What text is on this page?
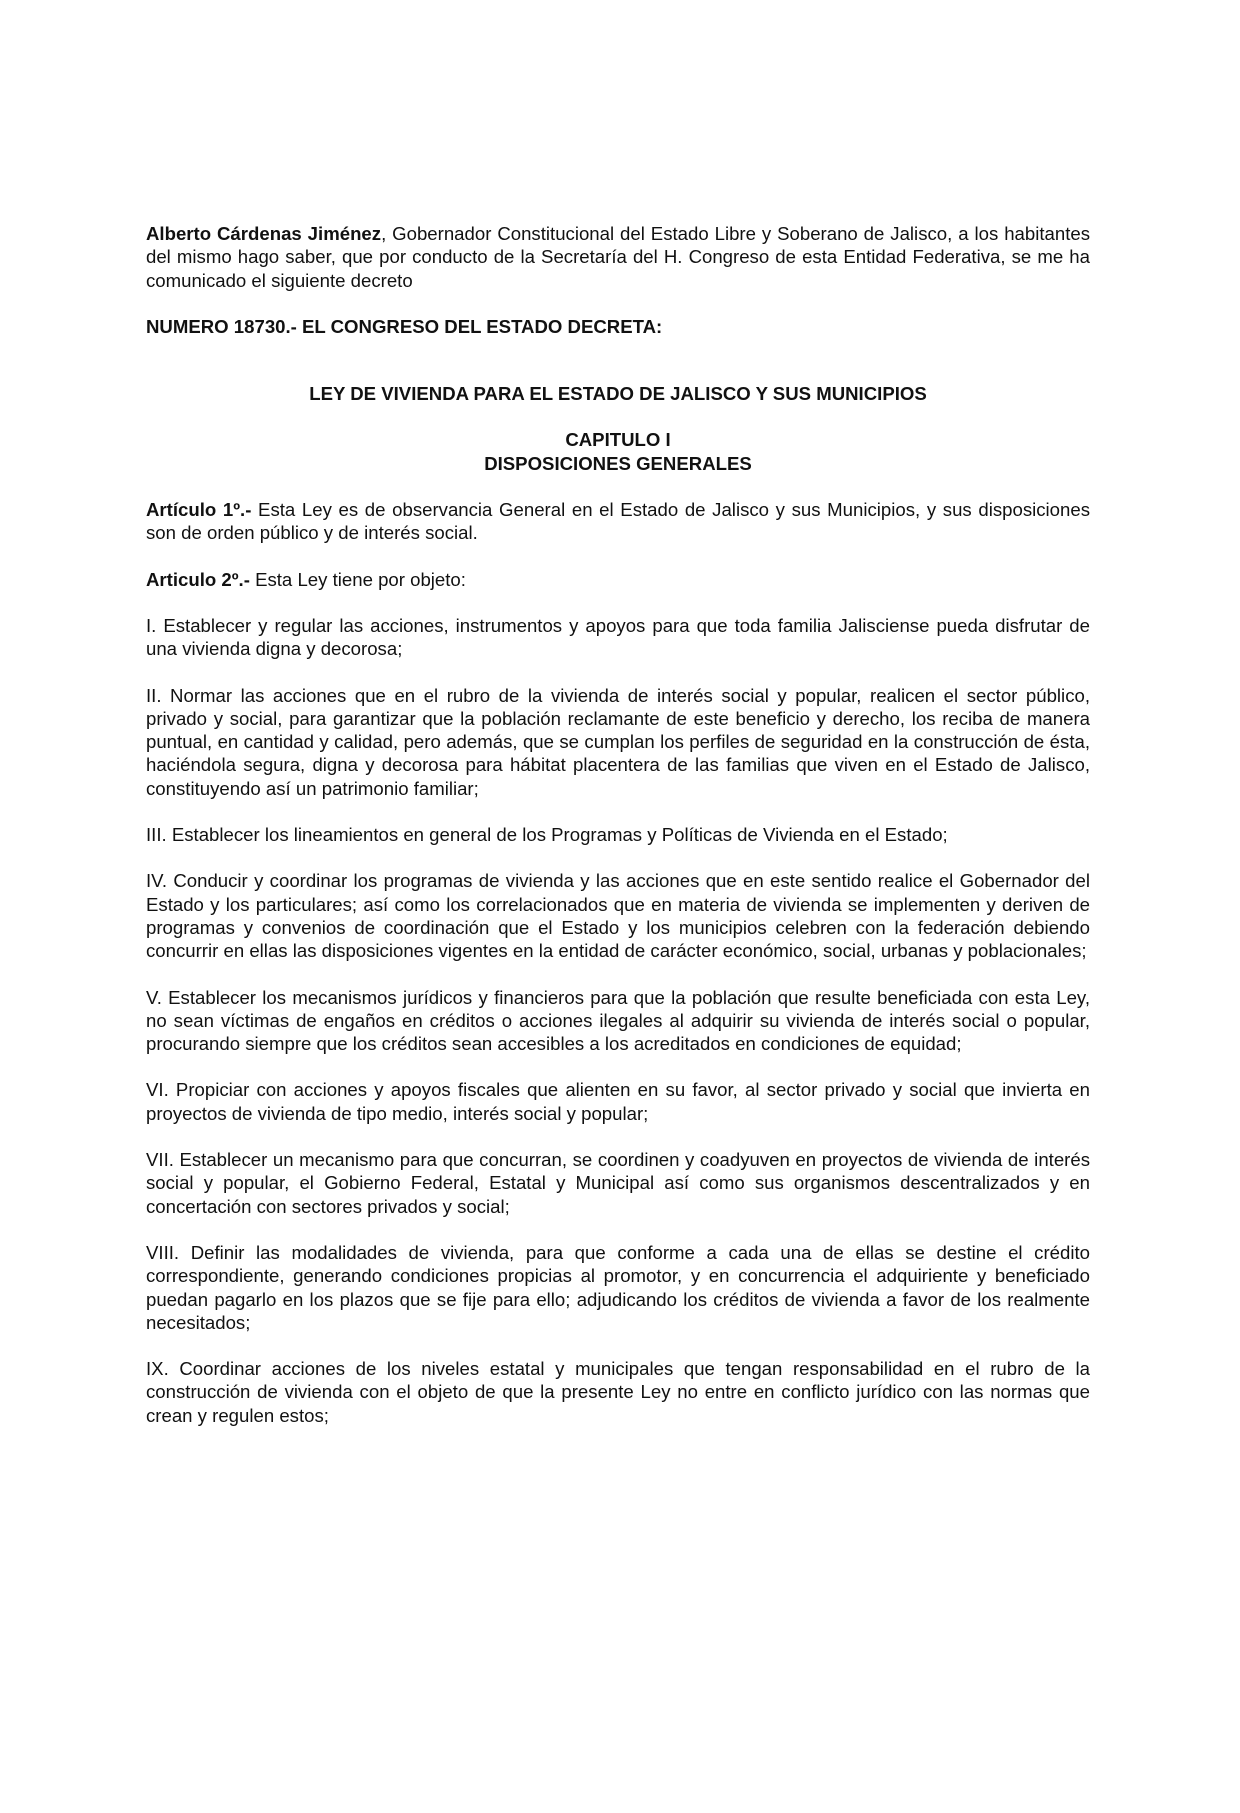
Alberto Cárdenas Jiménez, Gobernador Constitucional del Estado Libre y Soberano de Jalisco, a los habitantes del mismo hago saber, que por conducto de la Secretaría del H. Congreso de esta Entidad Federativa, se me ha comunicado el siguiente decreto

NUMERO 18730.- EL CONGRESO DEL ESTADO DECRETA:

LEY DE VIVIENDA PARA EL ESTADO DE JALISCO Y SUS MUNICIPIOS

CAPITULO I
DISPOSICIONES GENERALES

Artículo 1º.- Esta Ley es de observancia General en el Estado de Jalisco y sus Municipios, y sus disposiciones son de orden público y de interés social.

Articulo 2º.- Esta Ley tiene por objeto:

I. Establecer y regular las acciones, instrumentos y apoyos para que toda familia Jalisciense pueda disfrutar de una vivienda digna y decorosa;

II. Normar las acciones que en el rubro de la vivienda de interés social y popular, realicen el sector público, privado y social, para garantizar que la población reclamante de este beneficio y derecho, los reciba de manera puntual, en cantidad y calidad, pero además, que se cumplan los perfiles de seguridad en la construcción de ésta, haciéndola segura, digna y decorosa para hábitat placentera de las familias que viven en el Estado de Jalisco, constituyendo así un patrimonio familiar;

III. Establecer los lineamientos en general de los Programas y Políticas de Vivienda en el Estado;

IV. Conducir y coordinar los programas de vivienda y las acciones que en este sentido realice el Gobernador del Estado y los particulares; así como los correlacionados que en materia de vivienda se implementen y deriven de programas y convenios de coordinación que el Estado y los municipios celebren con la federación debiendo concurrir en ellas las disposiciones vigentes en la entidad de carácter económico, social, urbanas y poblacionales;

V. Establecer los mecanismos jurídicos y financieros para que la población que resulte beneficiada con esta Ley, no sean víctimas de engaños en créditos o acciones ilegales al adquirir su vivienda de interés social o popular, procurando siempre que los créditos sean accesibles a los acreditados en condiciones de equidad;

VI. Propiciar con acciones y apoyos fiscales que alienten en su favor, al sector privado y social que invierta en proyectos de vivienda de tipo medio, interés social y popular;

VII. Establecer un mecanismo para que concurran, se coordinen y coadyuven en proyectos de vivienda de interés social y popular, el Gobierno Federal, Estatal y Municipal así como sus organismos descentralizados y en concertación con sectores privados y social;

VIII. Definir las modalidades de vivienda, para que conforme a cada una de ellas se destine el crédito correspondiente, generando condiciones propicias al promotor, y en concurrencia el adquiriente y beneficiado puedan pagarlo en los plazos que se fije para ello; adjudicando los créditos de vivienda a favor de los realmente necesitados;

IX. Coordinar acciones de los niveles estatal y municipales que tengan responsabilidad en el rubro de la construcción de vivienda con el objeto de que la presente Ley no entre en conflicto jurídico con las normas que crean y regulen estos;
